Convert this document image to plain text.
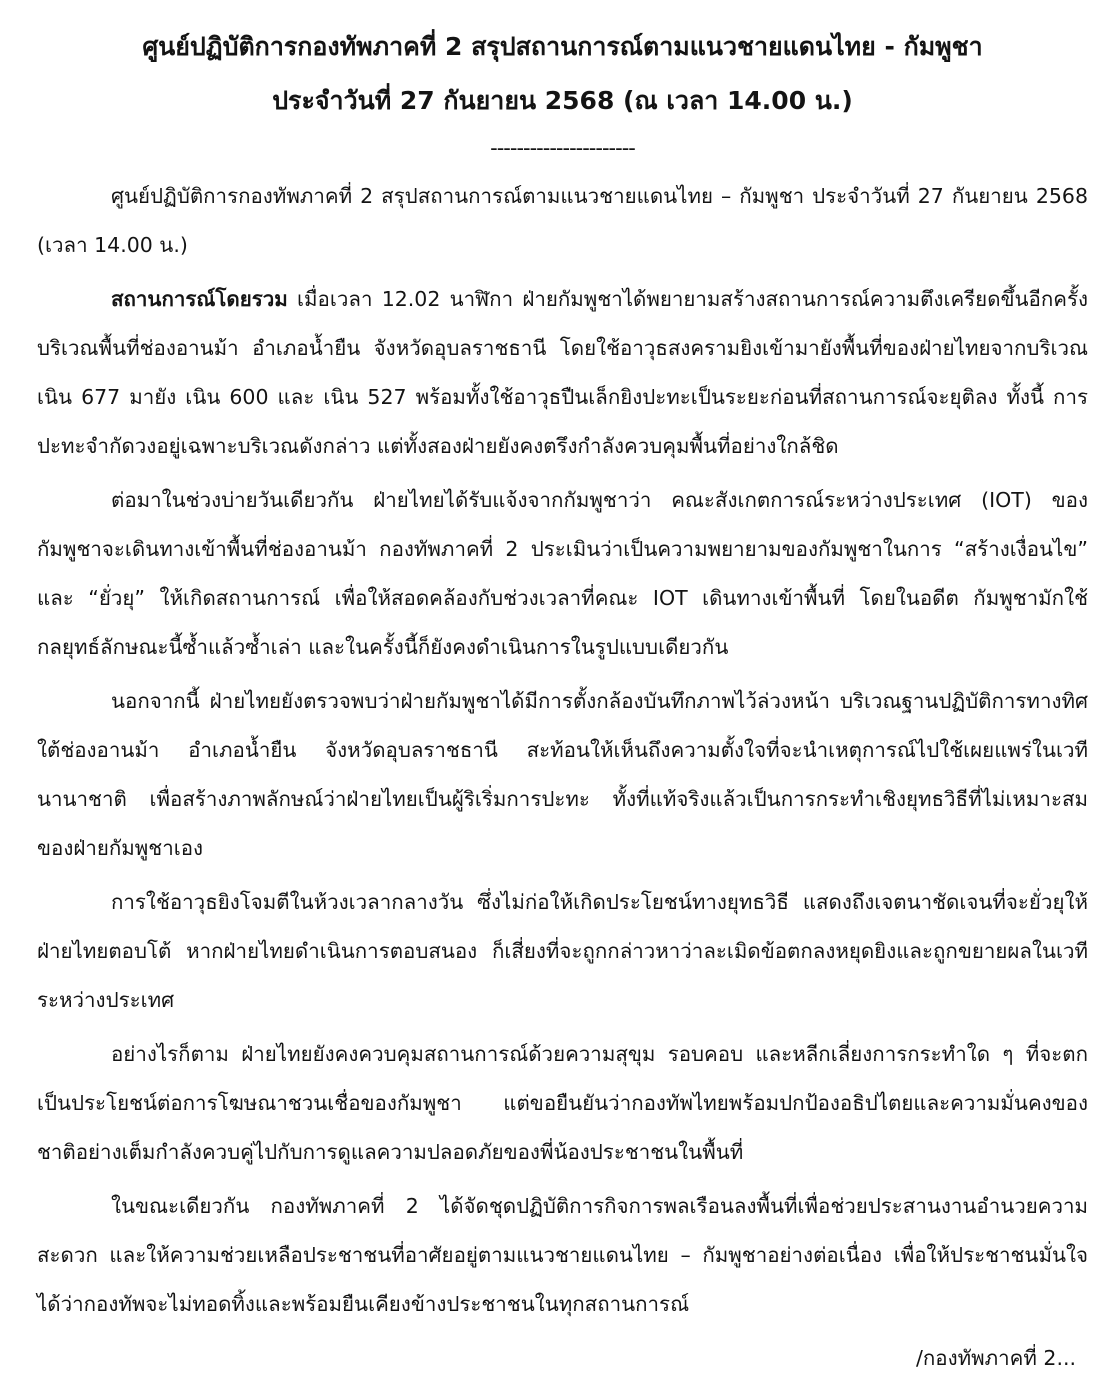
ศูนย์ปฏิบัติการกองทัพภาคที่ 2 สรุปสถานการณ์ตามแนวชายแดนไทย - กัมพูชา

ประจำวันที่ 27 กันยายน 2568 (ณ เวลา 14.00 น.)

----------------------

ศูนย์ปฏิบัติการกองทัพภาคที่ 2 สรุปสถานการณ์ตามแนวชายแดนไทย – กัมพูชา ประจำวันที่ 27 กันยายน 2568 (เวลา 14.00 น.)

สถานการณ์โดยรวม เมื่อเวลา 12.02 นาฬิกา ฝ่ายกัมพูชาได้พยายามสร้างสถานการณ์ความตึงเครียดขึ้นอีกครั้งบริเวณพื้นที่ช่องอานม้า อำเภอน้ำยืน จังหวัดอุบลราชธานี โดยใช้อาวุธสงครามยิงเข้ามายังพื้นที่ของฝ่ายไทยจากบริเวณ เนิน 677 มายัง เนิน 600 และ เนิน 527 พร้อมทั้งใช้อาวุธปืนเล็กยิงปะทะเป็นระยะก่อนที่สถานการณ์จะยุติลง ทั้งนี้ การปะทะจำกัดวงอยู่เฉพาะบริเวณดังกล่าว แต่ทั้งสองฝ่ายยังคงตรึงกำลังควบคุมพื้นที่อย่างใกล้ชิด

ต่อมาในช่วงบ่ายวันเดียวกัน ฝ่ายไทยได้รับแจ้งจากกัมพูชาว่า คณะสังเกตการณ์ระหว่างประเทศ (IOT) ของกัมพูชาจะเดินทางเข้าพื้นที่ช่องอานม้า กองทัพภาคที่ 2 ประเมินว่าเป็นความพยายามของกัมพูชาในการ “สร้างเงื่อนไข” และ “ยั่วยุ” ให้เกิดสถานการณ์ เพื่อให้สอดคล้องกับช่วงเวลาที่คณะ IOT เดินทางเข้าพื้นที่ โดยในอดีต กัมพูชามักใช้กลยุทธ์ลักษณะนี้ซ้ำแล้วซ้ำเล่า และในครั้งนี้ก็ยังคงดำเนินการในรูปแบบเดียวกัน

นอกจากนี้ ฝ่ายไทยยังตรวจพบว่าฝ่ายกัมพูชาได้มีการตั้งกล้องบันทึกภาพไว้ล่วงหน้า บริเวณฐานปฏิบัติการทางทิศใต้ช่องอานม้า อำเภอน้ำยืน จังหวัดอุบลราชธานี สะท้อนให้เห็นถึงความตั้งใจที่จะนำเหตุการณ์ไปใช้เผยแพร่ในเวทีนานาชาติ เพื่อสร้างภาพลักษณ์ว่าฝ่ายไทยเป็นผู้ริเริ่มการปะทะ ทั้งที่แท้จริงแล้วเป็นการกระทำเชิงยุทธวิธีที่ไม่เหมาะสมของฝ่ายกัมพูชาเอง

การใช้อาวุธยิงโจมตีในห้วงเวลากลางวัน ซึ่งไม่ก่อให้เกิดประโยชน์ทางยุทธวิธี แสดงถึงเจตนาชัดเจนที่จะยั่วยุให้ฝ่ายไทยตอบโต้ หากฝ่ายไทยดำเนินการตอบสนอง ก็เสี่ยงที่จะถูกกล่าวหาว่าละเมิดข้อตกลงหยุดยิงและถูกขยายผลในเวทีระหว่างประเทศ

อย่างไรก็ตาม ฝ่ายไทยยังคงควบคุมสถานการณ์ด้วยความสุขุม รอบคอบ และหลีกเลี่ยงการกระทำใด ๆ ที่จะตกเป็นประโยชน์ต่อการโฆษณาชวนเชื่อของกัมพูชา แต่ขอยืนยันว่ากองทัพไทยพร้อมปกป้องอธิปไตยและความมั่นคงของชาติอย่างเต็มกำลังควบคู่ไปกับการดูแลความปลอดภัยของพี่น้องประชาชนในพื้นที่

ในขณะเดียวกัน กองทัพภาคที่ 2 ได้จัดชุดปฏิบัติการกิจการพลเรือนลงพื้นที่เพื่อช่วยประสานงานอำนวยความสะดวก และให้ความช่วยเหลือประชาชนที่อาศัยอยู่ตามแนวชายแดนไทย – กัมพูชาอย่างต่อเนื่อง เพื่อให้ประชาชนมั่นใจได้ว่ากองทัพจะไม่ทอดทิ้งและพร้อมยืนเคียงข้างประชาชนในทุกสถานการณ์

/กองทัพภาคที่ 2...
